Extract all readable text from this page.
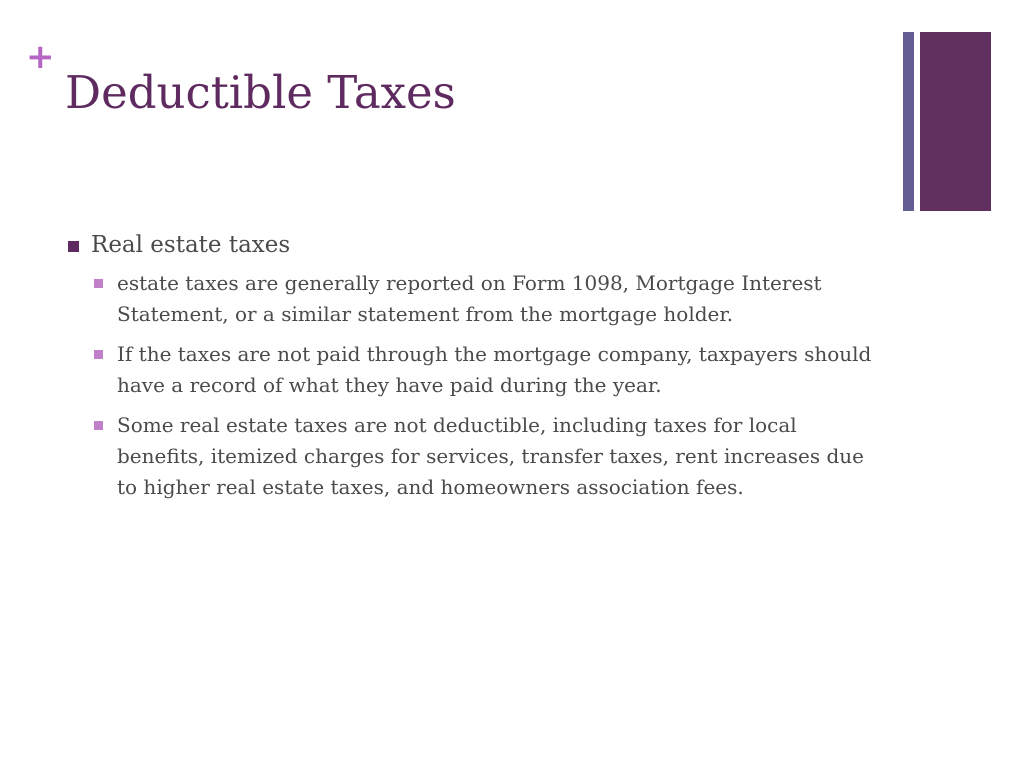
+
Deductible Taxes
Real estate taxes
estate taxes are generally reported on Form 1098, Mortgage Interest Statement, or a similar statement from the mortgage holder.
If the taxes are not paid through the mortgage company, taxpayers should have a record of what they have paid during the year.
Some real estate taxes are not deductible, including taxes for local benefits, itemized charges for services, transfer taxes, rent increases due to higher real estate taxes, and homeowners association fees.
